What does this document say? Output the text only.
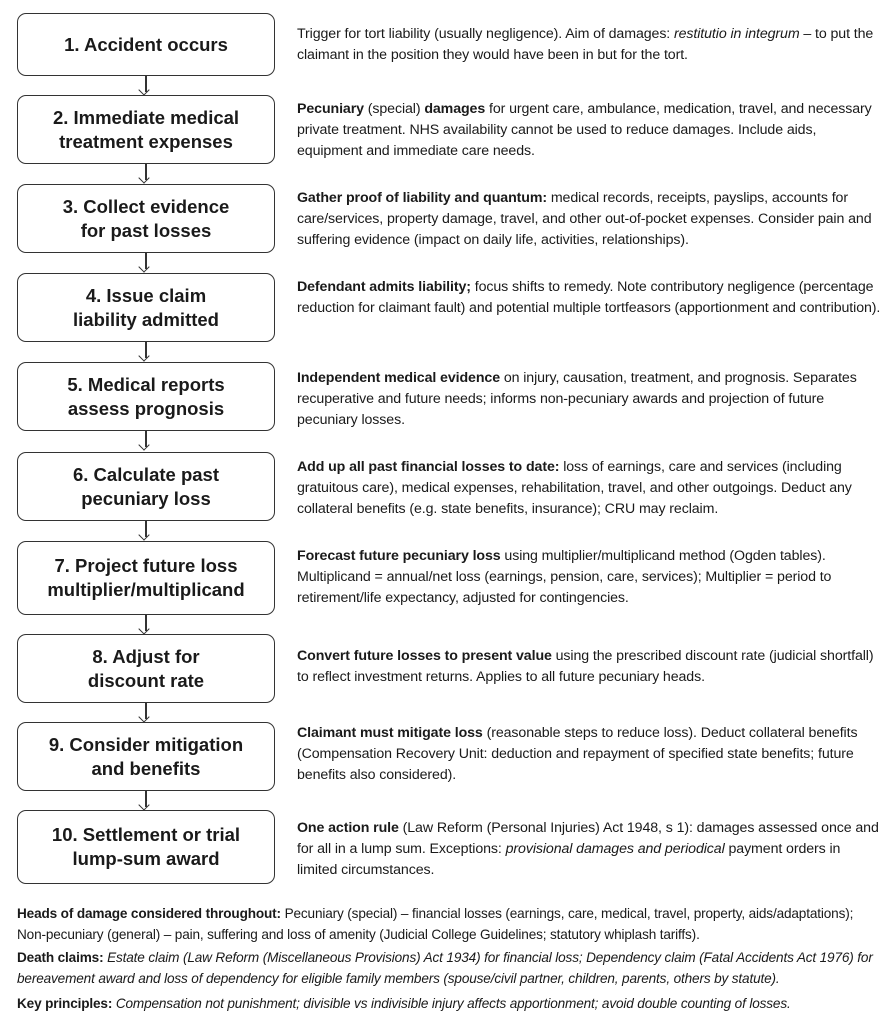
1. Accident occurs	Trigger for tort liability (usually negligence). Aim of damages: restitutio in integrum – to put the claimant in the position they would have been in but for the tort.
2. Immediate medical
treatment expenses
Pecuniary (special) damages for urgent care, ambulance, medication, travel, and necessary private treatment. NHS availability cannot be used to reduce damages. Include aids, equipment and immediate care needs.
3. Collect evidence
for past losses
Gather proof of liability and quantum: medical records, receipts, payslips, accounts for care/services, property damage, travel, and other out-of-pocket expenses. Consider pain and suffering evidence (impact on daily life, activities, relationships).
4. Issue claim
liability admitted
Defendant admits liability; focus shifts to remedy. Note contributory negligence (percentage reduction for claimant fault) and potential multiple tortfeasors (apportionment and contribution).
5. Medical reports
assess prognosis
Independent medical evidence on injury, causation, treatment, and prognosis. Separates recuperative and future needs; informs non-pecuniary awards and projection of future pecuniary losses.
6. Calculate past
pecuniary loss
Add up all past financial losses to date: loss of earnings, care and services (including gratuitous care), medical expenses, rehabilitation, travel, and other outgoings. Deduct any collateral benefits (e.g. state benefits, insurance); CRU may reclaim.
7. Project future loss
multiplier/multiplicand
Forecast future pecuniary loss using multiplier/multiplicand method (Ogden tables). Multiplicand = annual/net loss (earnings, pension, care, services); Multiplier = period to retirement/life expectancy, adjusted for contingencies.
8. Adjust for
discount rate
Convert future losses to present value using the prescribed discount rate (judicial shortfall) to reflect investment returns. Applies to all future pecuniary heads.
9. Consider mitigation
and benefits
Claimant must mitigate loss (reasonable steps to reduce loss). Deduct collateral benefits (Compensation Recovery Unit: deduction and repayment of specified state benefits; future benefits also considered).
10. Settlement or trial
lump-sum award
One action rule (Law Reform (Personal Injuries) Act 1948, s 1): damages assessed once and for all in a lump sum. Exceptions: provisional damages and periodical payment orders in limited circumstances.
Heads of damage considered throughout: Pecuniary (special) – financial losses (earnings, care, medical, travel, property, aids/adaptations); Non-pecuniary (general) – pain, suffering and loss of amenity (Judicial College Guidelines; statutory whiplash tariffs).
Death claims: Estate claim (Law Reform (Miscellaneous Provisions) Act 1934) for financial loss; Dependency claim (Fatal Accidents Act 1976) for bereavement award and loss of dependency for eligible family members (spouse/civil partner, children, parents, others by statute).
Key principles: Compensation not punishment; divisible vs indivisible injury affects apportionment; avoid double counting of losses.
